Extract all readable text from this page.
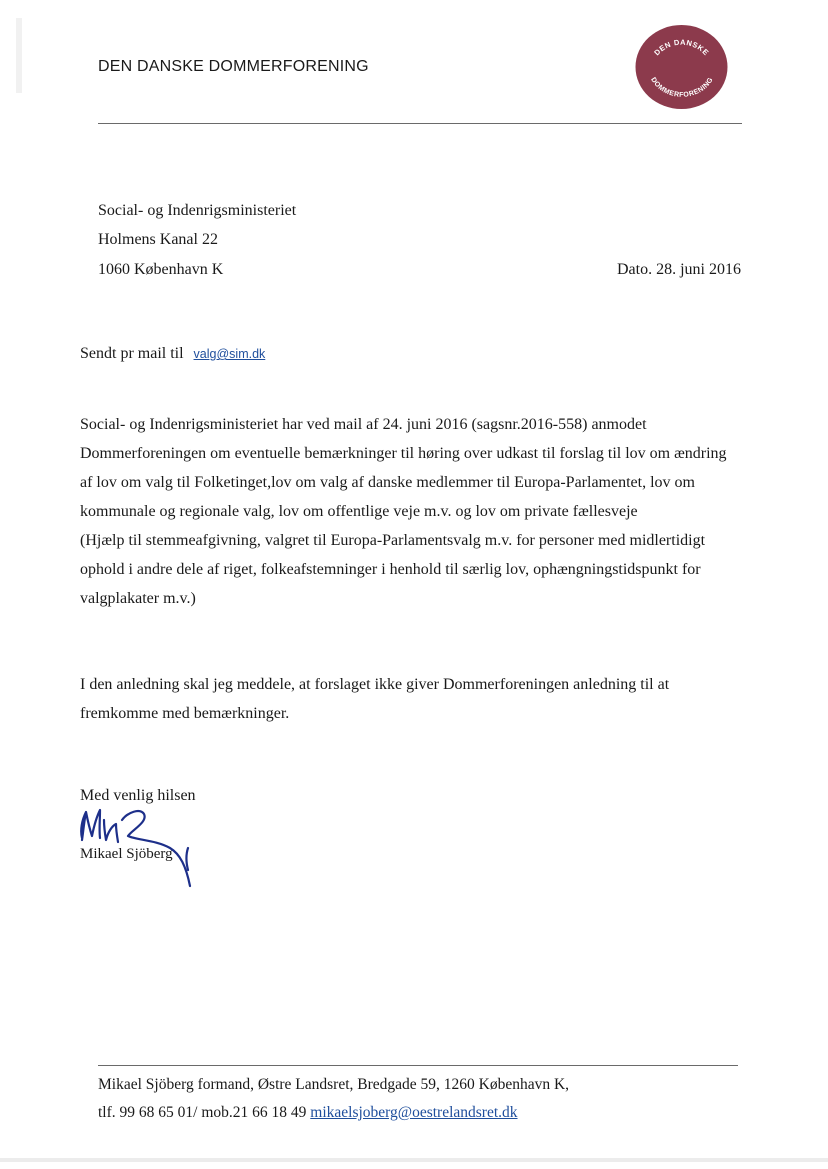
DEN DANSKE DOMMERFORENING
DEN DANSKE
DOMMERFORENING
Social- og Indenrigsministeriet
Holmens Kanal 22
1060 København K	Dato. 28. juni 2016
Sendt pr mail til valg@sim.dk
Social- og Indenrigsministeriet har ved mail af 24. juni 2016 (sagsnr.2016-558) anmodet
Dommerforeningen om eventuelle bemærkninger til høring over udkast til forslag til lov om ændring
af lov om valg til Folketinget,lov om valg af danske medlemmer til Europa-Parlamentet, lov om
kommunale og regionale valg, lov om offentlige veje m.v. og lov om private fællesveje
(Hjælp til stemmeafgivning, valgret til Europa-Parlamentsvalg m.v. for personer med midlertidigt
ophold i andre dele af riget, folkeafstemninger i henhold til særlig lov, ophængningstidspunkt for
valgplakater m.v.)
I den anledning skal jeg meddele, at forslaget ikke giver Dommerforeningen anledning til at
fremkomme med bemærkninger.
Med venlig hilsen
Mikael Sjöberg
Mikael Sjöberg formand, Østre Landsret, Bredgade 59, 1260 København K,
tlf. 99 68 65 01/ mob.21 66 18 49 mikaelsjoberg@oestrelandsret.dk
